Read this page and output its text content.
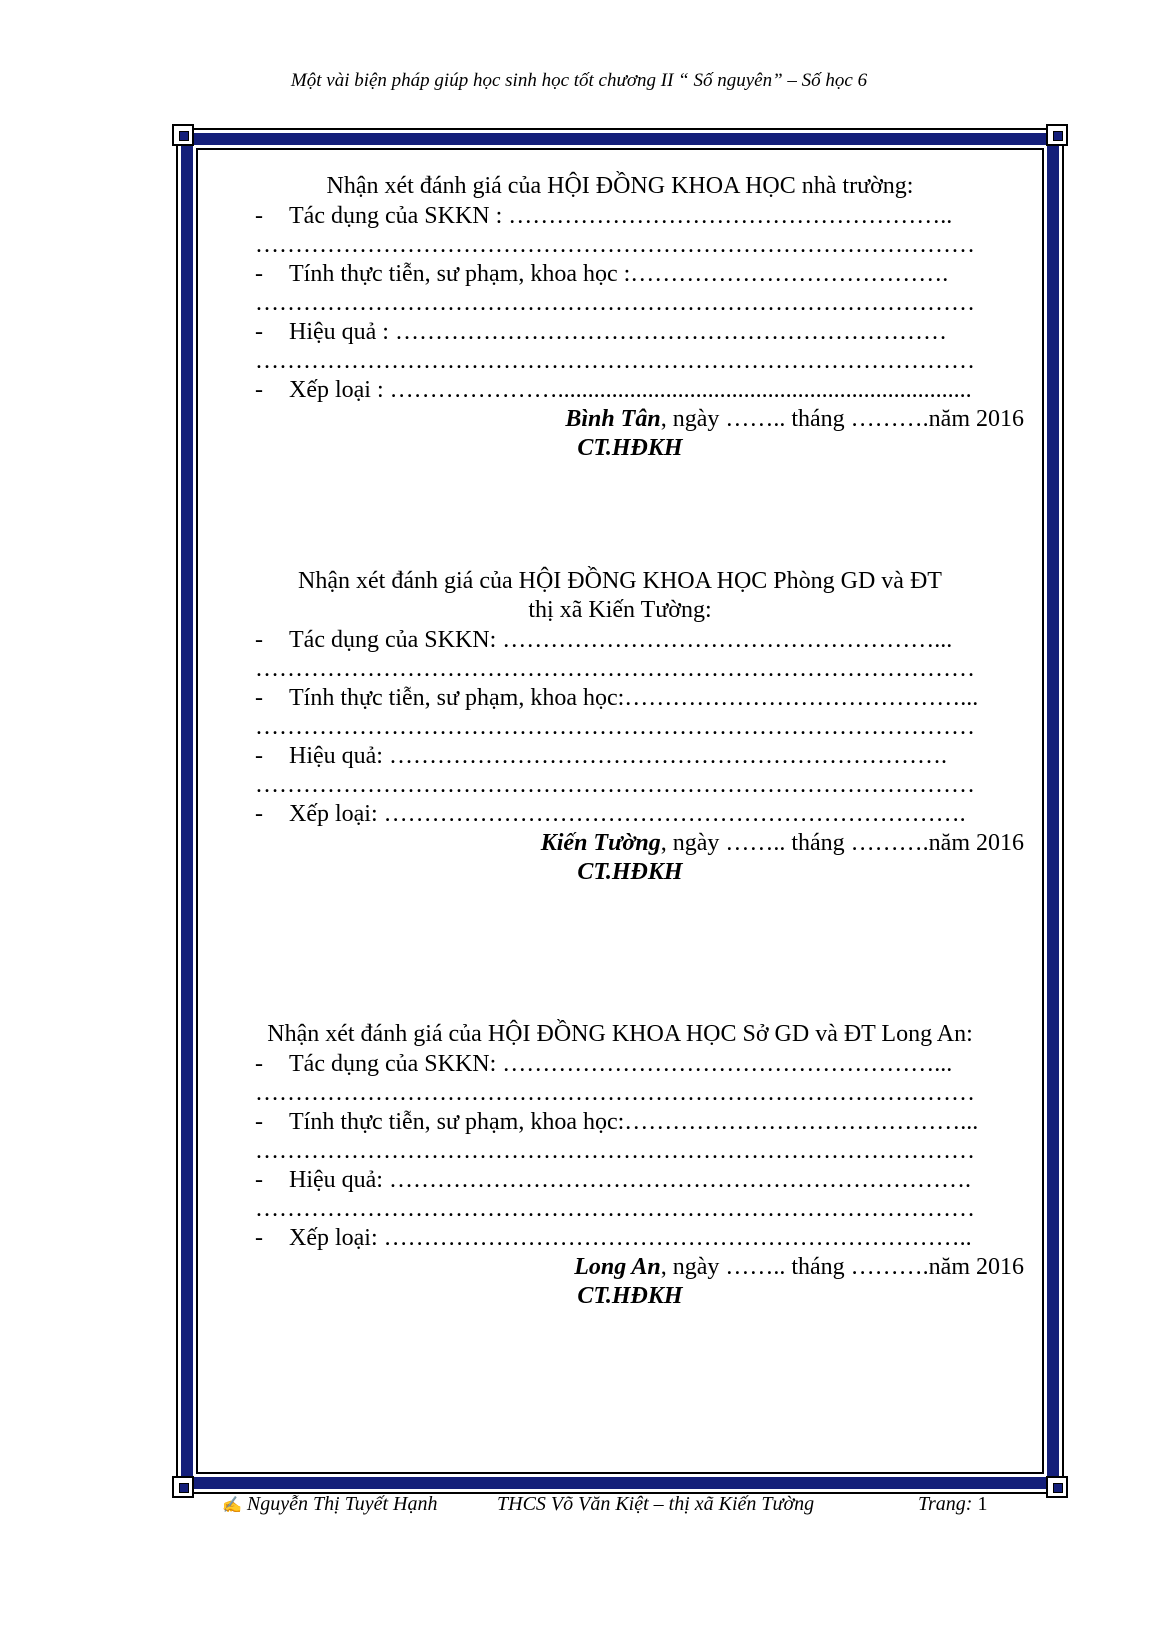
Một vài biện pháp giúp học sinh học tốt chương II “ Số nguyên” – Số học 6
Nhận xét đánh giá của HỘI ĐỒNG KHOA HỌC nhà trường:
- Tác dụng của SKKN : ………………………………………………..
………………………………………………………………………………
- Tính thực tiễn, sư phạm, khoa học :………………………………….
………………………………………………………………………………
- Hiệu quả : ……………………………………………………………
………………………………………………………………………………
- Xếp loại : ………………….....................................................................
Bình Tân, ngày …….. tháng ……….năm 2016
CT.HĐKH
Nhận xét đánh giá của HỘI ĐỒNG KHOA HỌC Phòng GD và ĐT
thị xã Kiến Tường:
- Tác dụng của SKKN: ………………………………………………...
………………………………………………………………………………
- Tính thực tiễn, sư phạm, khoa học:……………………………………...
………………………………………………………………………………
- Hiệu quả: …………………………………………………………….
………………………………………………………………………………
- Xếp loại: ……………………………………………………………….
Kiến Tường, ngày …….. tháng ……….năm 2016
CT.HĐKH
Nhận xét đánh giá của HỘI ĐỒNG KHOA HỌC Sở GD và ĐT Long An:
- Tác dụng của SKKN: ………………………………………………...
………………………………………………………………………………
- Tính thực tiễn, sư phạm, khoa học:……………………………………...
………………………………………………………………………………
- Hiệu quả: ……………………………………………………………….
………………………………………………………………………………
- Xếp loại: ………………………………………………………………..
Long An, ngày …….. tháng ……….năm 2016
CT.HĐKH
✍ Nguyễn Thị Tuyết Hạnh	THCS Võ Văn Kiệt – thị xã Kiến Tường	Trang: 1
